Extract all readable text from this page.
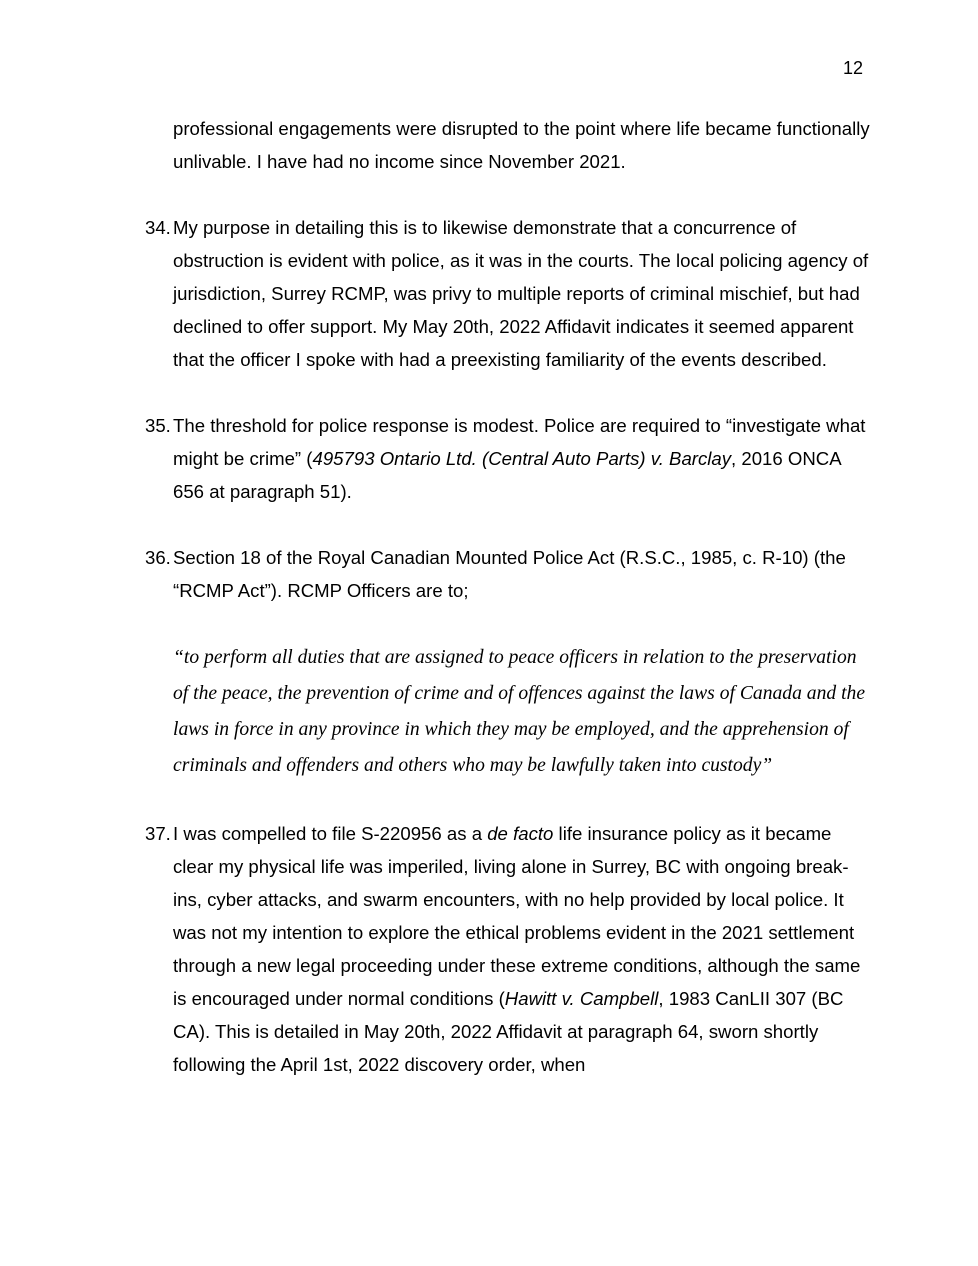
12

professional engagements were disrupted to the point where life became functionally unlivable. I have had no income since November 2021.

34. My purpose in detailing this is to likewise demonstrate that a concurrence of obstruction is evident with police, as it was in the courts. The local policing agency of jurisdiction, Surrey RCMP, was privy to multiple reports of criminal mischief, but had declined to offer support. My May 20th, 2022 Affidavit indicates it seemed apparent that the officer I spoke with had a preexisting familiarity of the events described.
35. The threshold for police response is modest. Police are required to “investigate what might be crime” (495793 Ontario Ltd. (Central Auto Parts) v. Barclay, 2016 ONCA 656 at paragraph 51).
36. Section 18 of the Royal Canadian Mounted Police Act (R.S.C., 1985, c. R-10) (the “RCMP Act”). RCMP Officers are to;

“to perform all duties that are assigned to peace officers in relation to the preservation of the peace, the prevention of crime and of offences against the laws of Canada and the laws in force in any province in which they may be employed, and the apprehension of criminals and offenders and others who may be lawfully taken into custody”

37. I was compelled to file S-220956 as a de facto life insurance policy as it became clear my physical life was imperiled, living alone in Surrey, BC with ongoing break-ins, cyber attacks, and swarm encounters, with no help provided by local police. It was not my intention to explore the ethical problems evident in the 2021 settlement through a new legal proceeding under these extreme conditions, although the same is encouraged under normal conditions (Hawitt v. Campbell, 1983 CanLII 307 (BC CA). This is detailed in May 20th, 2022 Affidavit at paragraph 64, sworn shortly following the April 1st, 2022 discovery order, when
